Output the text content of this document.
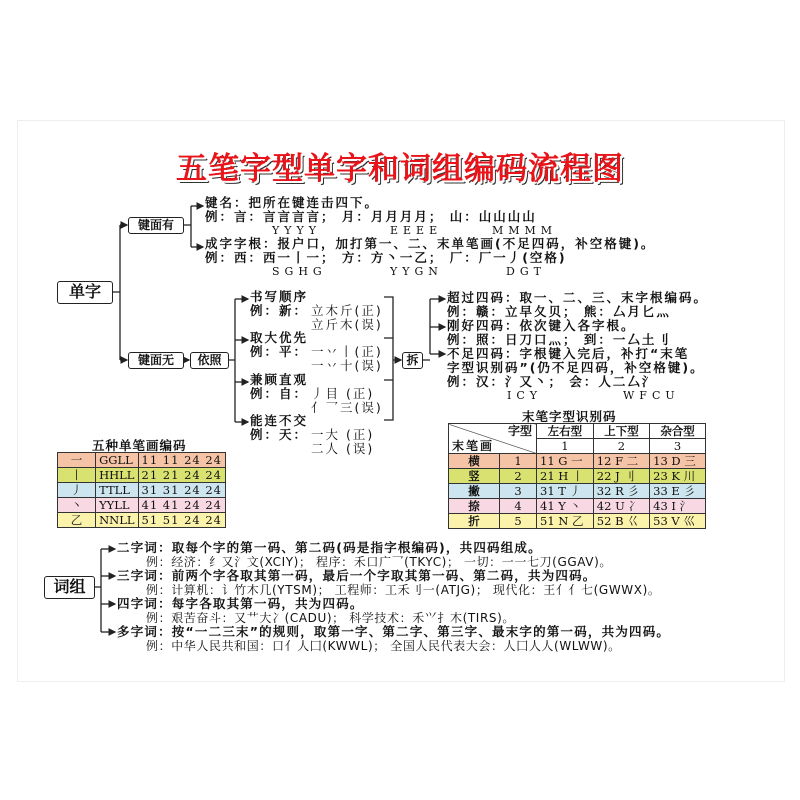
五笔字型单字和词组编码流程图
单字
键面有
键面无	依照	拆
键名：把所在键连击四下。
例：言：言言言言； 月：月月月月； 山：山山山山
YYYY	EEEE	MMMM
成字字根：报户口，加打第一、二、末单笔画(不足四码，补空格键)。
例：西：西一丨一； 方：方丶一乙； 厂：厂一丿(空格)
SGHG	YYGN	DGT
书写顺序
例：新： 立木斤(正)
立斤木(误)
取大优先
例：平： 一丷丨(正)
一丷十(误)
兼顾直观
例：自： 丿目 (正)
亻乛三(误)
能连不交
例：天： 一大 (正)
二人 (误)
超过四码：取一、二、三、末字根编码。
例：赣：立早夂贝； 熊：厶月匕灬
刚好四码：依次键入各字根。
例：照：日刀口灬； 到：一厶土刂
不足四码：字根键入完后，补打“末笔
字型识别码”(仍不足四码，补空格键)。
例：汉：氵又丶； 会：人二厶氵
ICY	WFCU
末笔字型识别码
字型
末笔画		左右型	上下型	杂合型
		1	2	3
横	1	11 G 一	12 F 二	13 D 三
竖	2	21 H 丨	22 J 刂	23 K 川
撇	3	31 T 丿	32 R 彡	33 E 彡
捺	4	41 Y 丶	42 U 冫	43 I 氵
折	5	51 N 乙	52 B 巜	53 V 巛
五种单笔画编码
一	GGLL	11 11 24 24
丨	HHLL	21 21 24 24
丿	TTLL	31 31 24 24
丶	YYLL	41 41 24 24
乙	NNLL	51 51 24 24
词组
二字词：取每个字的第一码、第二码(码是指字根编码)，共四码组成。
例：经济：纟又氵文(XCIY)； 程序：禾口广乛(TKYC)； 一切：一一七刀(GGAV)。
三字词：前两个字各取其第一码，最后一个字取其第一码、第二码，共为四码。
例：计算机：讠竹木几(YTSM)； 工程师：工禾刂一(ATJG)； 现代化：王亻亻七(GWWX)。
四字词：每字各取其第一码，共为四码。
例：艰苦奋斗：又艹大冫(CADU)； 科学技术：禾⺍扌木(TIRS)。
多字词：按“一二三末”的规则，取第一字、第二字、第三字、最末字的第一码，共为四码。
例：中华人民共和国：口亻人囗(KWWL)； 全国人民代表大会：人囗人人(WLWW)。
